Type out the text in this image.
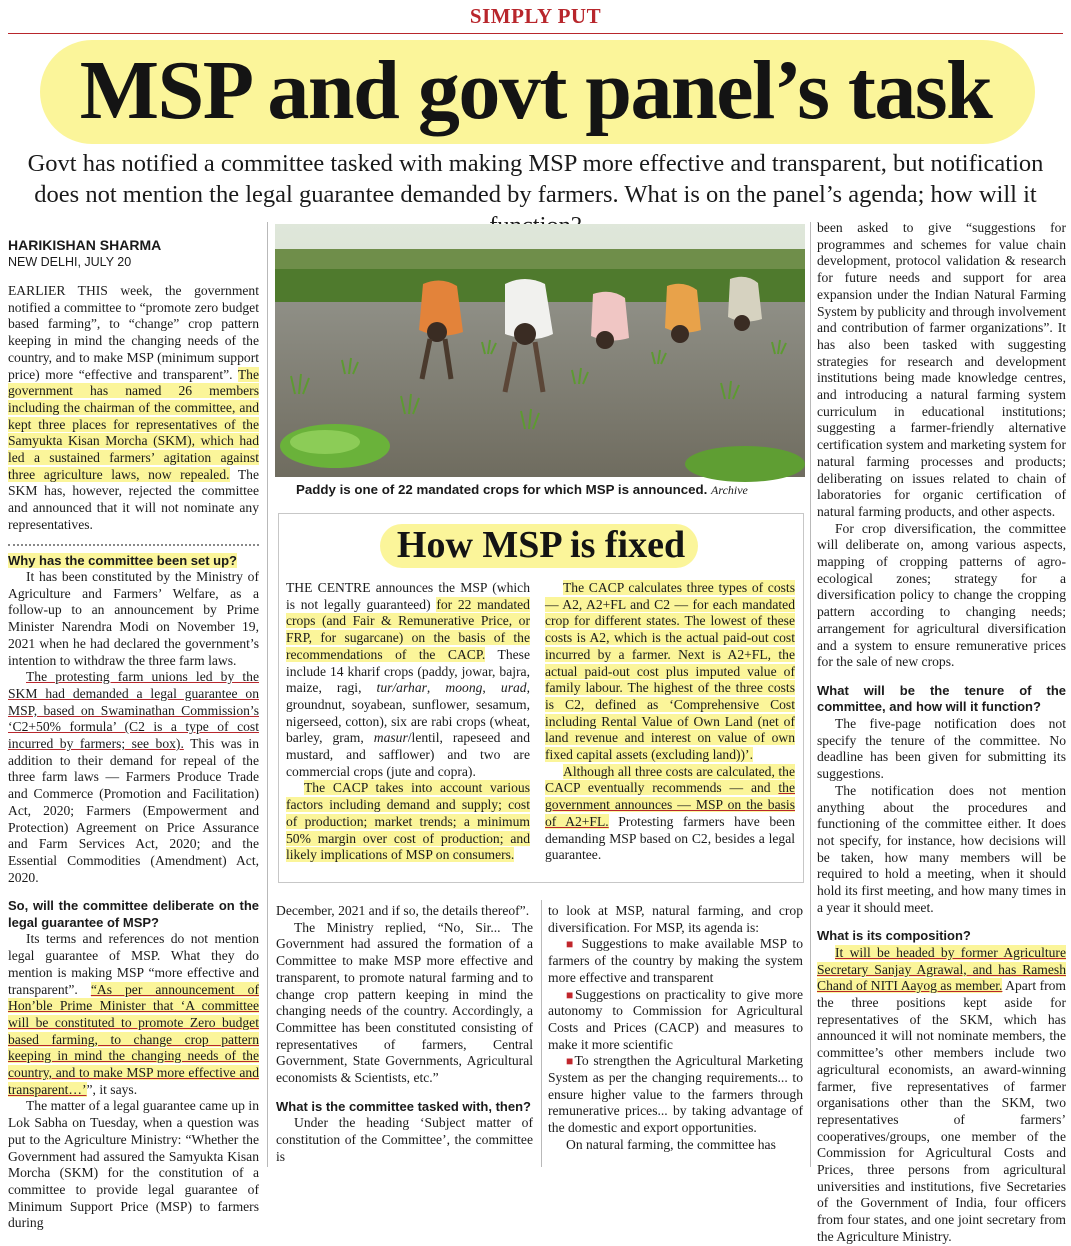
SIMPLY PUT
MSP and govt panel’s task
Govt has notified a committee tasked with making MSP more effective and transparent, but notification does not mention the legal guarantee demanded by farmers. What is on the panel’s agenda; how will it
HARIKISHAN SHARMA
NEW DELHI, JULY 20

EARLIER THIS week, the government notified a committee to “promote zero budget based farming”, to “change” crop pattern keeping in mind the changing needs of the country, and to make MSP (minimum support price) more “effective and transparent”. The government has named 26 members including the chairman of the committee, and kept three places for representatives of the Samyukta Kisan Morcha (SKM), which had led a sustained farmers’ agitation against three agriculture laws, now repealed. The SKM has, however, rejected the committee and announced that it will not nominate any representatives.

Why has the committee been set up?

It has been constituted by the Ministry of Agriculture and Farmers’ Welfare, as a follow-up to an announcement by Prime Minister Narendra Modi on November 19, 2021 when he had declared the government’s intention to withdraw the three farm laws.

The protesting farm unions led by the SKM had demanded a legal guarantee on MSP, based on Swaminathan Commission’s ‘C2+50% formula’ (C2 is a type of cost incurred by farmers; see box). This was in addition to their demand for repeal of the three farm laws — Farmers Produce Trade and Commerce (Promotion and Facilitation) Act, 2020; Farmers (Empowerment and Protection) Agreement on Price Assurance and Farm Services Act, 2020; and the Essential Commodities (Amendment) Act, 2020.

So, will the committee deliberate on the legal guarantee of MSP?

Its terms and references do not mention legal guarantee of MSP. What they do mention is making MSP “more effective and transparent”. “As per announcement of Hon’ble Prime Minister that ‘A committee will be constituted to promote Zero budget based farming, to change crop pattern keeping in mind the changing needs of the country, and to make MSP more effective and transparent…’”, it says.

The matter of a legal guarantee came up in Lok Sabha on Tuesday, when a question was put to the Agriculture Ministry: “Whether the Government had assured the Samyukta Kisan Morcha (SKM) for the constitution of a committee to provide legal guarantee of Minimum Support Price (MSP) to farmers during

Paddy is one of 22 mandated crops for which MSP is announced. Archive
How MSP is fixed

THE CENTRE announces the MSP (which is not legally guaranteed) for 22 mandated crops (and Fair & Remunerative Price, or FRP, for sugarcane) on the basis of the recommendations of the CACP. These include 14 kharif crops (paddy, jowar, bajra, maize, ragi, tur/arhar, moong, urad, groundnut, soyabean, sunflower, sesamum, nigerseed, cotton), six are rabi crops (wheat, barley, gram, masur/lentil, rapeseed and mustard, and safflower) and two are commercial crops (jute and copra).

The CACP takes into account various factors including demand and supply; cost of production; market trends; a minimum 50% margin over cost of production; and likely implications of MSP on consumers.

The CACP calculates three types of costs — A2, A2+FL and C2 — for each mandated crop for different states. The lowest of these costs is A2, which is the actual paid-out cost incurred by a farmer. Next is A2+FL, the actual paid-out cost plus imputed value of family labour. The highest of the three costs is C2, defined as ‘Comprehensive Cost including Rental Value of Own Land (net of land revenue and interest on value of own fixed capital assets (excluding land))’.

Although all three costs are calculated, the CACP eventually recommends — and the government announces — MSP on the basis of A2+FL. Protesting farmers have been demanding MSP based on C2, besides a legal guarantee.

December, 2021 and if so, the details thereof”.

The Ministry replied, “No, Sir... The Government had assured the formation of a Committee to make MSP more effective and transparent, to promote natural farming and to change crop pattern keeping in mind the changing needs of the country. Accordingly, a Committee has been constituted consisting of representatives of farmers, Central Government, State Governments, Agricultural economists & Scientists, etc.”

What is the committee tasked with, then?

Under the heading ‘Subject matter of constitution of the Committee’, the committee is

to look at MSP, natural farming, and crop diversification. For MSP, its agenda is:

■ Suggestions to make available MSP to farmers of the country by making the system more effective and transparent

■Suggestions on practicality to give more autonomy to Commission for Agricultural Costs and Prices (CACP) and measures to make it more scientific

■To strengthen the Agricultural Marketing System as per the changing requirements... to ensure higher value to the farmers through remunerative prices... by taking advantage of the domestic and export opportunities.

On natural farming, the committee has

been asked to give “suggestions for programmes and schemes for value chain development, protocol validation & research for future needs and support for area expansion under the Indian Natural Farming System by publicity and through involvement and contribution of farmer organizations”. It has also been tasked with suggesting strategies for research and development institutions being made knowledge centres, and introducing a natural farming system curriculum in educational institutions; suggesting a farmer-friendly alternative certification system and marketing system for natural farming processes and products; deliberating on issues related to chain of laboratories for organic certification of natural farming products, and other aspects.

For crop diversification, the committee will deliberate on, among various aspects, mapping of cropping patterns of agro-ecological zones; strategy for a diversification policy to change the cropping pattern according to changing needs; arrangement for agricultural diversification and a system to ensure remunerative prices for the sale of new crops.

What will be the tenure of the committee, and how will it function?

The five-page notification does not specify the tenure of the committee. No deadline has been given for submitting its suggestions.

The notification does not mention anything about the procedures and functioning of the committee either. It does not specify, for instance, how decisions will be taken, how many members will be required to hold a meeting, when it should hold its first meeting, and how many times in a year it should meet.

What is its composition?

It will be headed by former Agriculture Secretary Sanjay Agrawal, and has Ramesh Chand of NITI Aayog as member. Apart from the three positions kept aside for representatives of the SKM, which has announced it will not nominate members, the committee’s other members include two agricultural economists, an award-winning farmer, five representatives of farmer organisations other than the SKM, two representatives of farmers’ cooperatives/groups, one member of the Commission for Agricultural Costs and Prices, three persons from agricultural universities and institutions, five Secretaries of the Government of India, four officers from four states, and one joint secretary from the Agriculture Ministry.
